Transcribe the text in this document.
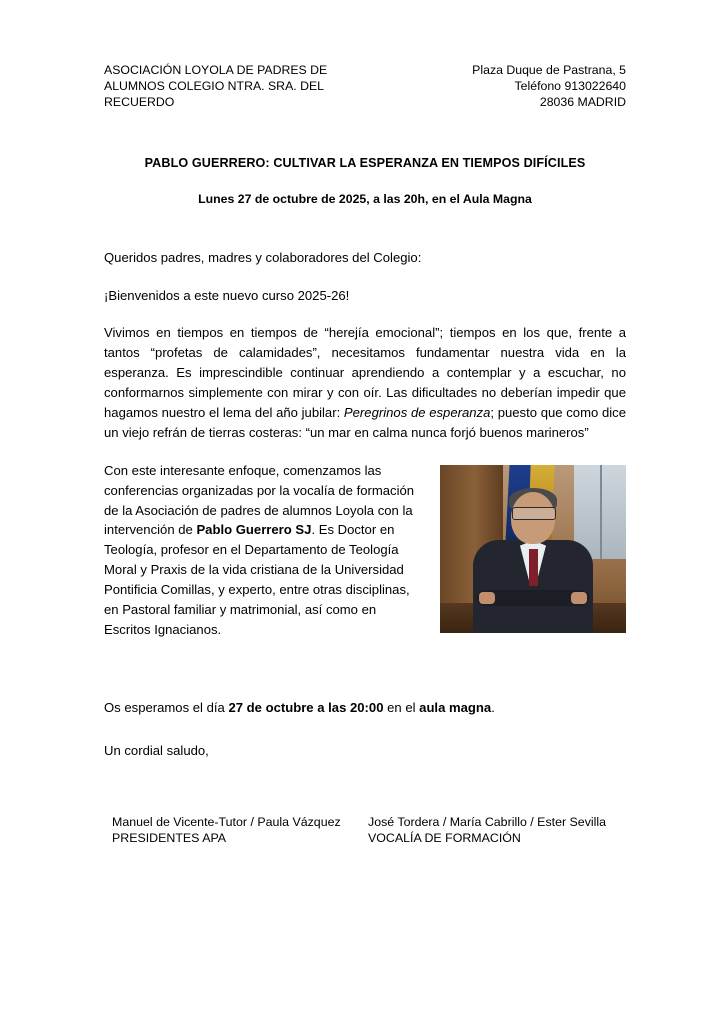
ASOCIACIÓN LOYOLA DE PADRES DE ALUMNOS COLEGIO NTRA. SRA. DEL RECUERDO
Plaza Duque de Pastrana, 5
Teléfono 913022640
28036 MADRID
PABLO GUERRERO: CULTIVAR LA ESPERANZA EN TIEMPOS DIFÍCILES
Lunes 27 de octubre de 2025, a las 20h, en el Aula Magna

Queridos padres, madres y colaboradores del Colegio:

¡Bienvenidos a este nuevo curso 2025-26!

Vivimos en tiempos en tiempos de “herejía emocional”; tiempos en los que, frente a tantos “profetas de calamidades”, necesitamos fundamentar nuestra vida en la esperanza. Es imprescindible continuar aprendiendo a contemplar y a escuchar, no conformarnos simplemente con mirar y con oír. Las dificultades no deberían impedir que hagamos nuestro el lema del año jubilar: Peregrinos de esperanza; puesto que como dice un viejo refrán de tierras costeras: “un mar en calma nunca forjó buenos marineros”

Con este interesante enfoque, comenzamos las conferencias organizadas por la vocalía de formación de la Asociación de padres de alumnos Loyola con la intervención de Pablo Guerrero SJ. Es Doctor en Teología, profesor en el Departamento de Teología Moral y Praxis de la vida cristiana de la Universidad Pontificia Comillas, y experto, entre otras disciplinas, en Pastoral familiar y matrimonial, así como en Escritos Ignacianos.

Os esperamos el día 27 de octubre a las 20:00 en el aula magna.

Un cordial saludo,

Manuel de Vicente-Tutor / Paula Vázquez
PRESIDENTES APA
José Tordera / María Cabrillo / Ester Sevilla
VOCALÍA DE FORMACIÓN
